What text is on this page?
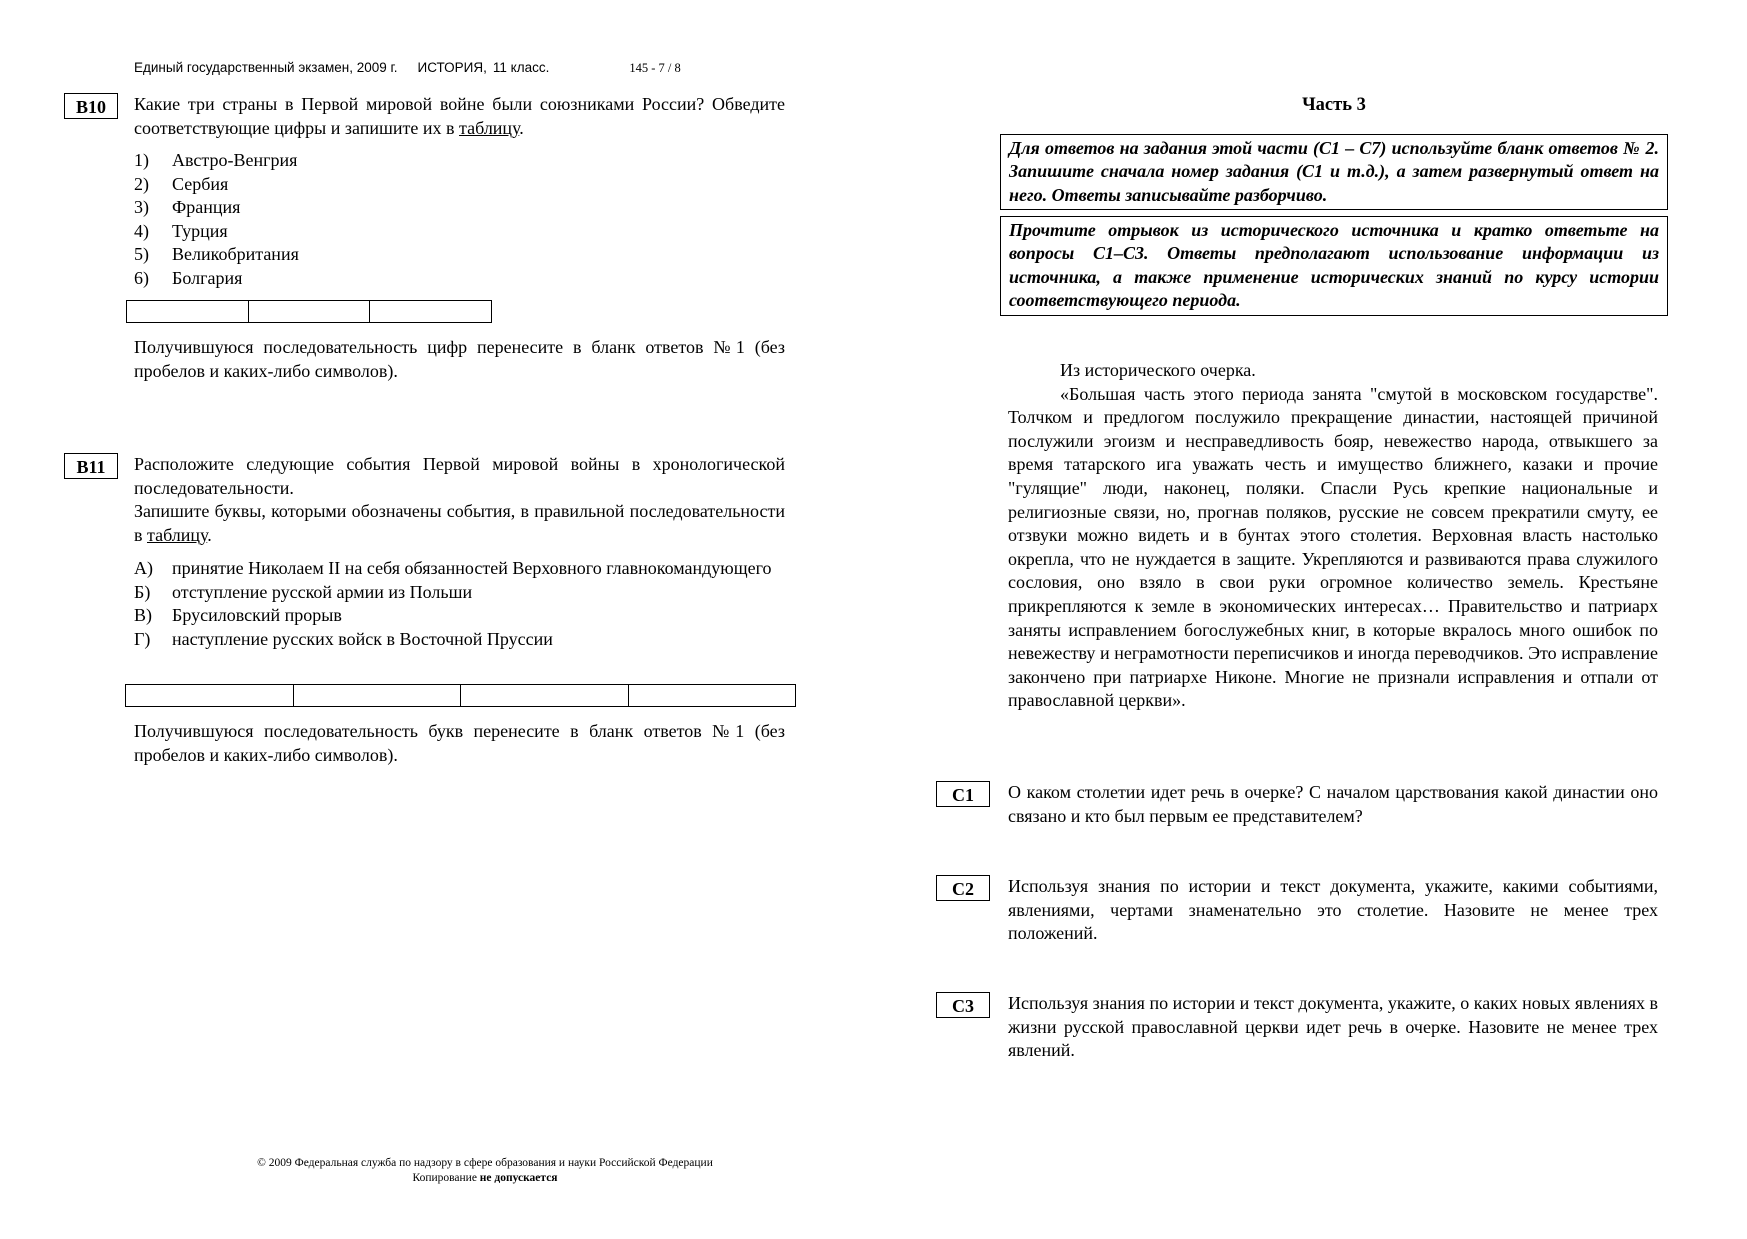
Единый государственный экзамен, 2009 г. ИСТОРИЯ, 11 класс.	145 - 7 / 8
B10	Какие три страны в Первой мировой войне были союзниками России? Обведите соответствующие цифры и запишите их в таблицу.
1) Австро-Венгрия
2) Сербия
3) Франция
4) Турция
5) Великобритания
6) Болгария

Получившуюся последовательность цифр перенесите в бланк ответов №1 (без пробелов и каких-либо символов).
B11	Расположите следующие события Первой мировой войны в хронологической последовательности.
Запишите буквы, которыми обозначены события, в правильной последовательности в таблицу.
А) принятие Николаем II на себя обязанностей Верховного главнокомандующего
Б) отступление русской армии из Польши
В) Брусиловский прорыв
Г) наступление русских войск в Восточной Пруссии

Получившуюся последовательность букв перенесите в бланк ответов №1 (без пробелов и каких-либо символов).
© 2009 Федеральная служба по надзору в сфере образования и науки Российской Федерации
Копирование не допускается
Часть 3
Для ответов на задания этой части (C1 – C7) используйте бланк ответов № 2. Запишите сначала номер задания (C1 и т.д.), а затем развернутый ответ на него. Ответы записывайте разборчиво.
Прочтите отрывок из исторического источника и кратко ответьте на вопросы C1–C3. Ответы предполагают использование информации из источника, а также применение исторических знаний по курсу истории соответствующего периода.
Из исторического очерка.
«Большая часть этого периода занята "смутой в московском государстве". Толчком и предлогом послужило прекращение династии, настоящей причиной послужили эгоизм и несправедливость бояр, невежество народа, отвыкшего за время татарского ига уважать честь и имущество ближнего, казаки и прочие "гулящие" люди, наконец, поляки. Спасли Русь крепкие национальные и религиозные связи, но, прогнав поляков, русские не совсем прекратили смуту, ее отзвуки можно видеть и в бунтах этого столетия. Верховная власть настолько окрепла, что не нуждается в защите. Укрепляются и развиваются права служилого сословия, оно взяло в свои руки огромное количество земель. Крестьяне прикрепляются к земле в экономических интересах… Правительство и патриарх заняты исправлением богослужебных книг, в которые вкралось много ошибок по невежеству и неграмотности переписчиков и иногда переводчиков. Это исправление закончено при патриархе Никоне. Многие не признали исправления и отпали от православной церкви».
C1	О каком столетии идет речь в очерке? С началом царствования какой династии оно связано и кто был первым ее представителем?
C2	Используя знания по истории и текст документа, укажите, какими событиями, явлениями, чертами знаменательно это столетие. Назовите не менее трех положений.
C3	Используя знания по истории и текст документа, укажите, о каких новых явлениях в жизни русской православной церкви идет речь в очерке. Назовите не менее трех явлений.
